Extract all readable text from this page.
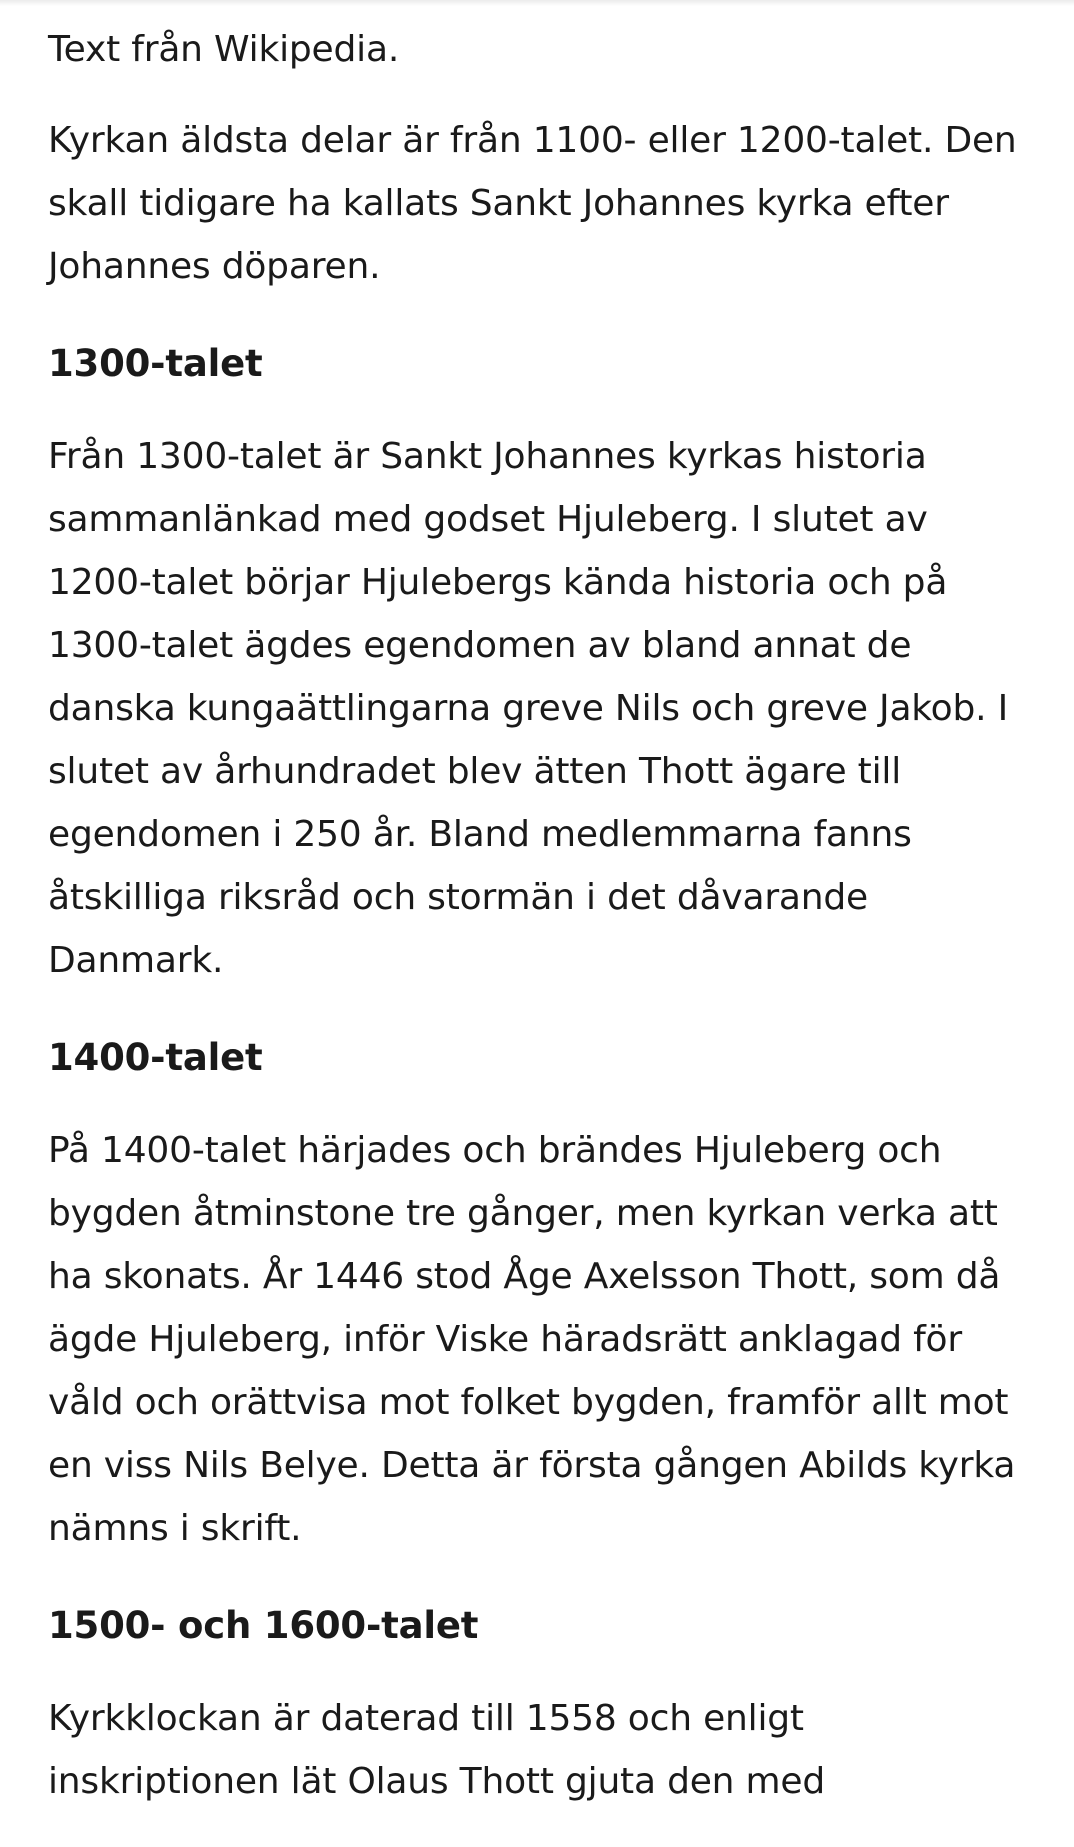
Text från Wikipedia.

Kyrkan äldsta delar är från 1100- eller 1200-talet. Den skall tidigare ha kallats Sankt Johannes kyrka efter Johannes döparen.

1300-talet

Från 1300-talet är Sankt Johannes kyrkas historia sammanlänkad med godset Hjuleberg. I slutet av 1200-talet börjar Hjulebergs kända historia och på 1300-talet ägdes egendomen av bland annat de danska kungaättlingarna greve Nils och greve Jakob. I slutet av århundradet blev ätten Thott ägare till egendomen i 250 år. Bland medlemmarna fanns åtskilliga riksråd och stormän i det dåvarande Danmark.

1400-talet

På 1400-talet härjades och brändes Hjuleberg och bygden åtminstone tre gånger, men kyrkan verka att ha skonats. År 1446 stod Åge Axelsson Thott, som då ägde Hjuleberg, inför Viske häradsrätt anklagad för våld och orättvisa mot folket bygden, framför allt mot en viss Nils Belye. Detta är första gången Abilds kyrka nämns i skrift.

1500- och 1600-talet

Kyrkklockan är daterad till 1558 och enligt inskriptionen lät Olaus Thott gjuta den med
